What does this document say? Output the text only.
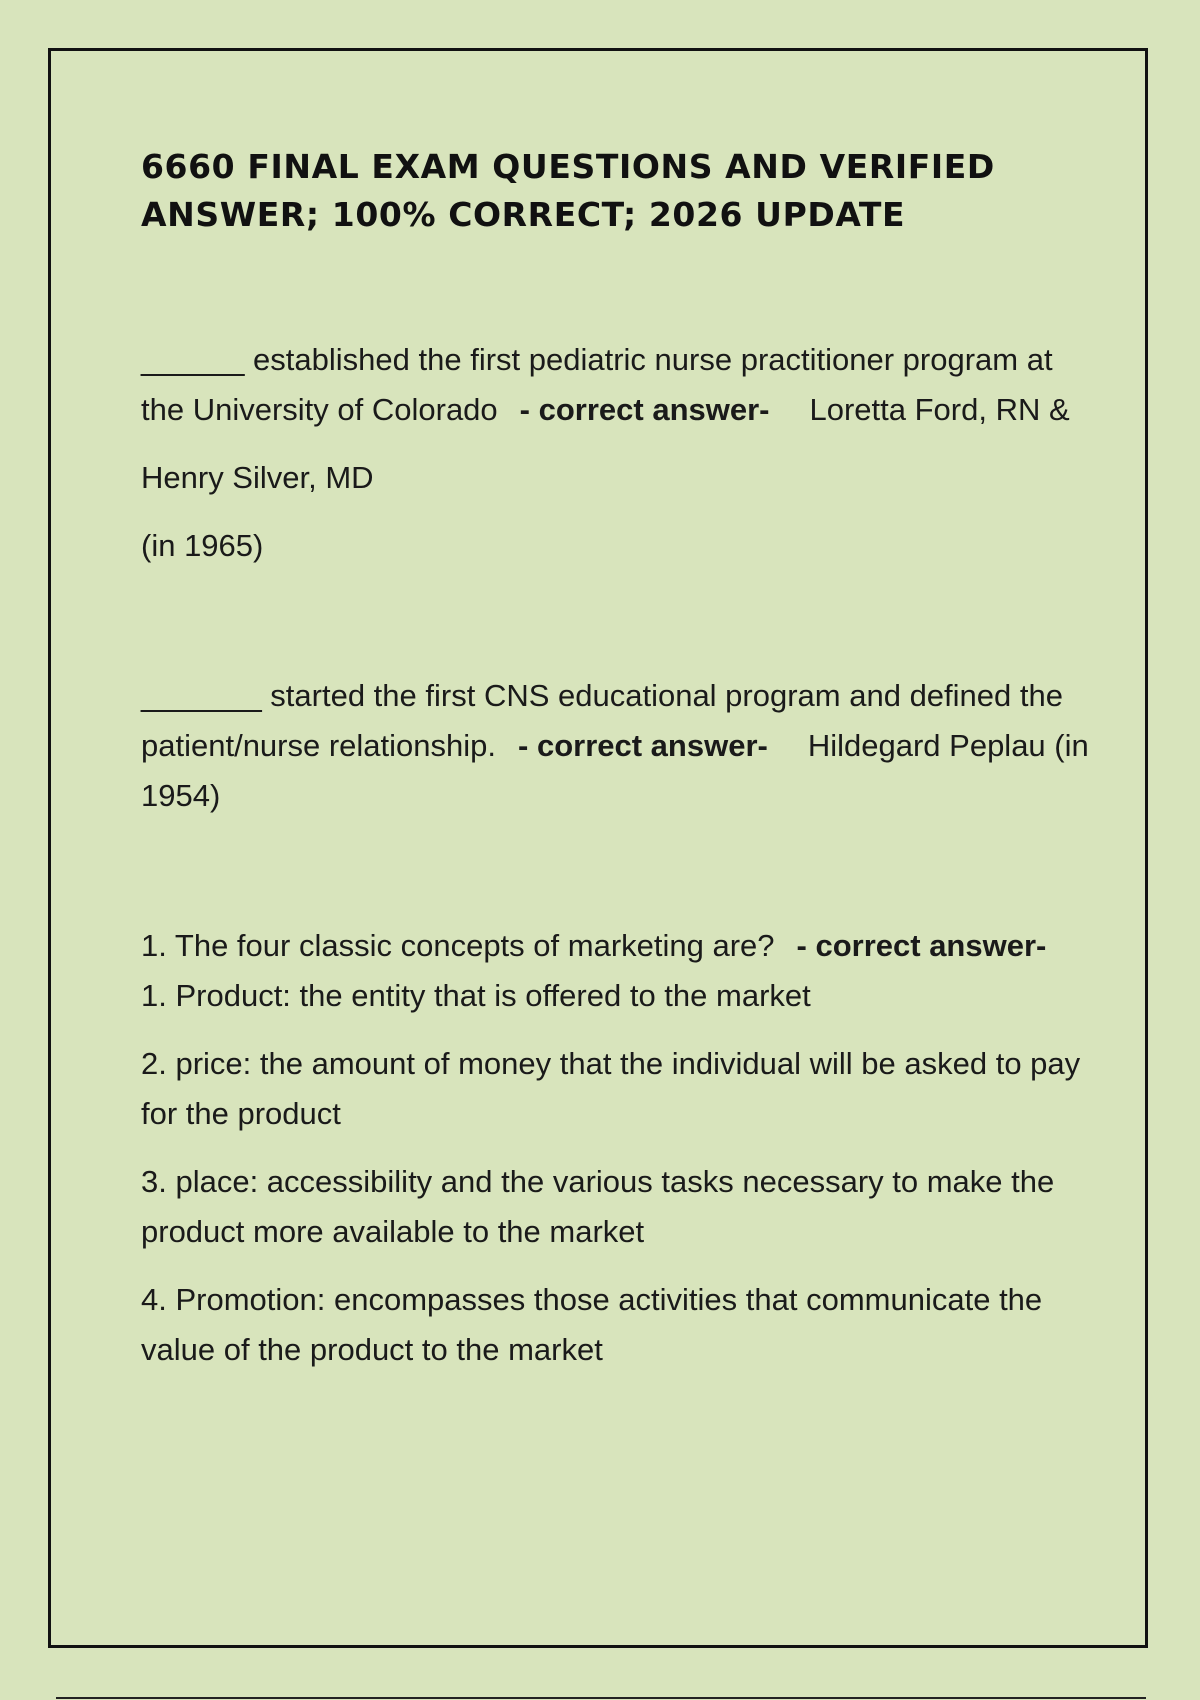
6660 FINAL EXAM QUESTIONS AND VERIFIED ANSWER; 100% CORRECT; 2026 UPDATE

______ established the first pediatric nurse practitioner program at the University of Colorado - correct answer- Loretta Ford, RN &

Henry Silver, MD

(in 1965)

_______ started the first CNS educational program and defined the patient/nurse relationship. - correct answer- Hildegard Peplau (in 1954)

1. The four classic concepts of marketing are? - correct answer-
1. Product: the entity that is offered to the market

2. price: the amount of money that the individual will be asked to pay for the product

3. place: accessibility and the various tasks necessary to make the product more available to the market

4. Promotion: encompasses those activities that communicate the value of the product to the market
